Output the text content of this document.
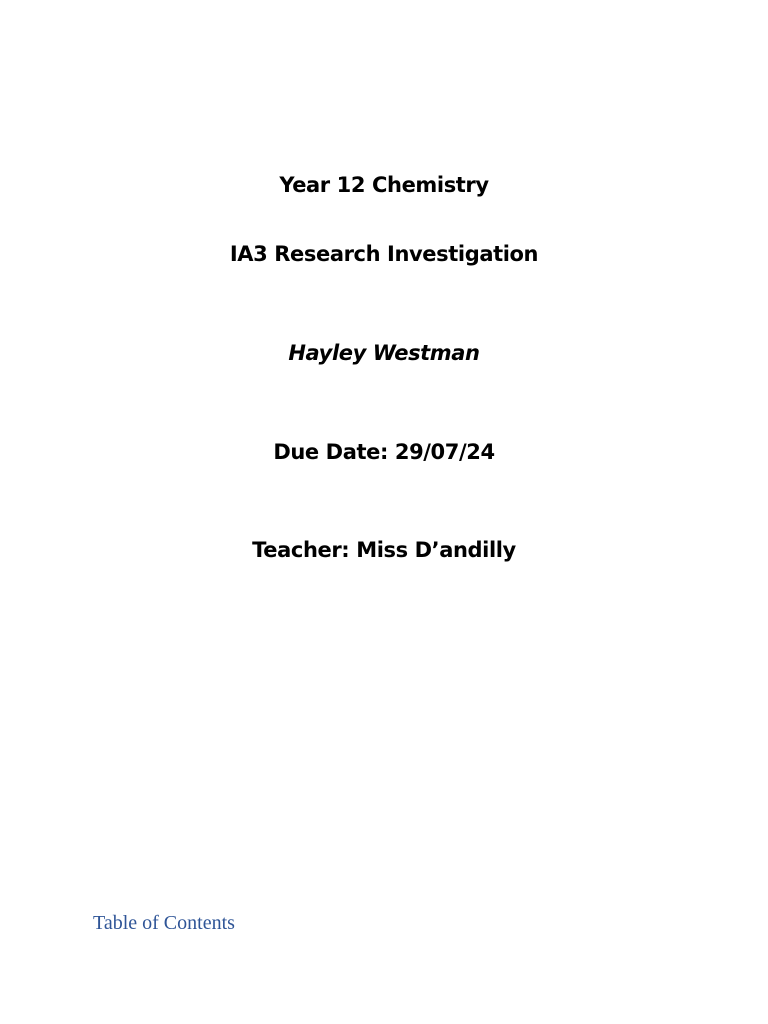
Year 12 Chemistry
IA3 Research Investigation
Hayley Westman
Due Date: 29/07/24
Teacher: Miss D’andilly
Table of Contents
